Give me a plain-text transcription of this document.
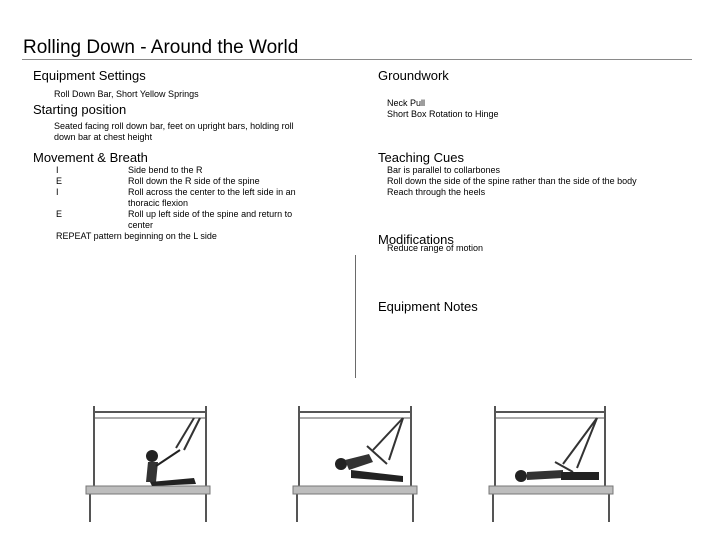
Rolling Down - Around the World
Equipment Settings
Roll Down Bar, Short Yellow Springs
Starting position
Seated facing roll down bar, feet on upright bars, holding roll
down bar at chest height
Movement & Breath
I	Side bend to the R
E	Roll down the R side of the spine
I	Roll across the center to the left side in an
thoracic flexion
E	Roll up left side of the spine and return to
center
REPEAT pattern beginning on the L side
Groundwork
Neck Pull
Short Box Rotation to Hinge
Teaching Cues
Bar is parallel to collarbones
Roll down the side of the spine rather than the side of the body
Reach through the heels
Modifications
Reduce range of motion
Equipment Notes
